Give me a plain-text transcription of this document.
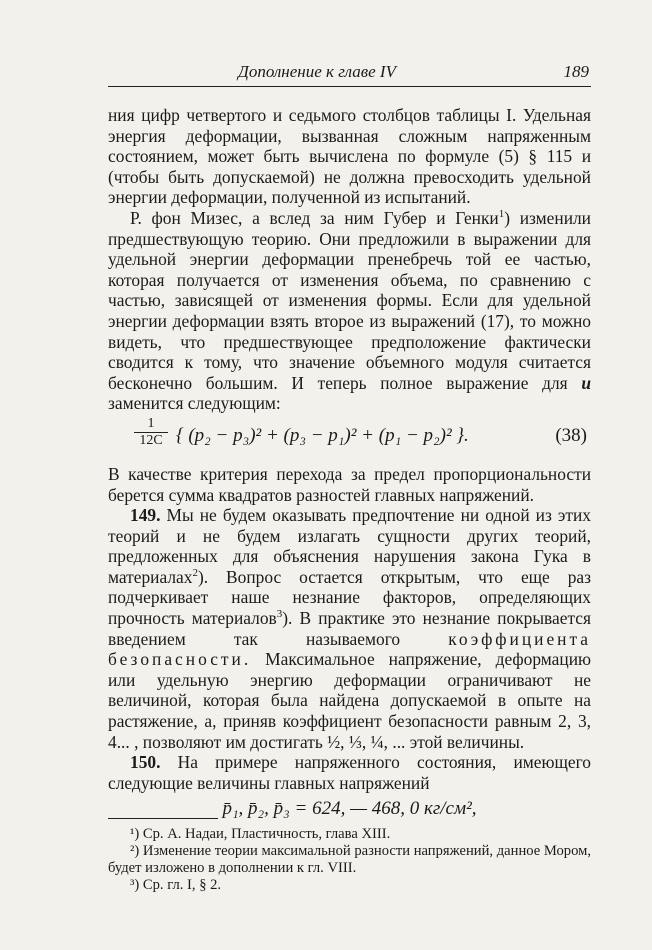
Дополнение к главе IV	189

ния цифр четвертого и седьмого столбцов таблицы I. Удельная энергия деформации, вызванная сложным напряженным состоянием, может быть вычислена по формуле (5) § 115 и (чтобы быть допускаемой) не должна превосходить удельной энергии деформации, полученной из испытаний.

Р. фон Мизес, а вслед за ним Губер и Генки$^1$) изменили предшествующую теорию. Они предложили в выражении для удельной энергии деформации пренебречь той ее частью, которая получается от изменения объема, по сравнению с частью, зависящей от изменения формы. Если для удельной энергии деформации взять второе из выражений (17), то можно видеть, что предшествующее предположение фактически сводится к тому, что значение объемного модуля считается бесконечно большим. И теперь полное выражение для u заменится следующим:

$\frac{1}{12C}$ { (p₂ − p₃)² + (p₃ − p₁)² + (p₁ − p₂)² }.	(38)

В качестве критерия перехода за предел пропорциональности берется сумма квадратов разностей главных напряжений.

149. Мы не будем оказывать предпочтение ни одной из этих теорий и не будем излагать сущности других теорий, предложенных для объяснения нарушения закона Гука в материалах$^2$). Вопрос остается открытым, что еще раз подчеркивает наше незнание факторов, определяющих прочность материалов$^3$). В практике это незнание покрывается введением так называемого	коэффициента безопасности. Максимальное напряжение, деформацию или удельную энергию деформации ограничивают не величиной, которая была найдена допускаемой в опыте на растяжение, а, приняв коэффициент безопасности равным 2, 3, 4... , позволяют им достигать ½, ⅓, ¼, ... этой величины.

150. На примере напряженного состояния, имеющего следующие величины главных напряжений

p̄₁, p̄₂, p̄₃ = 624, — 468, 0 кг/см²,

¹) Ср. А. Надаи, Пластичность, глава XIII.

²) Изменение теории максимальной разности напряжений, данное Мором, будет изложено в дополнении к гл. VIII.

³) Ср. гл. I, § 2.
